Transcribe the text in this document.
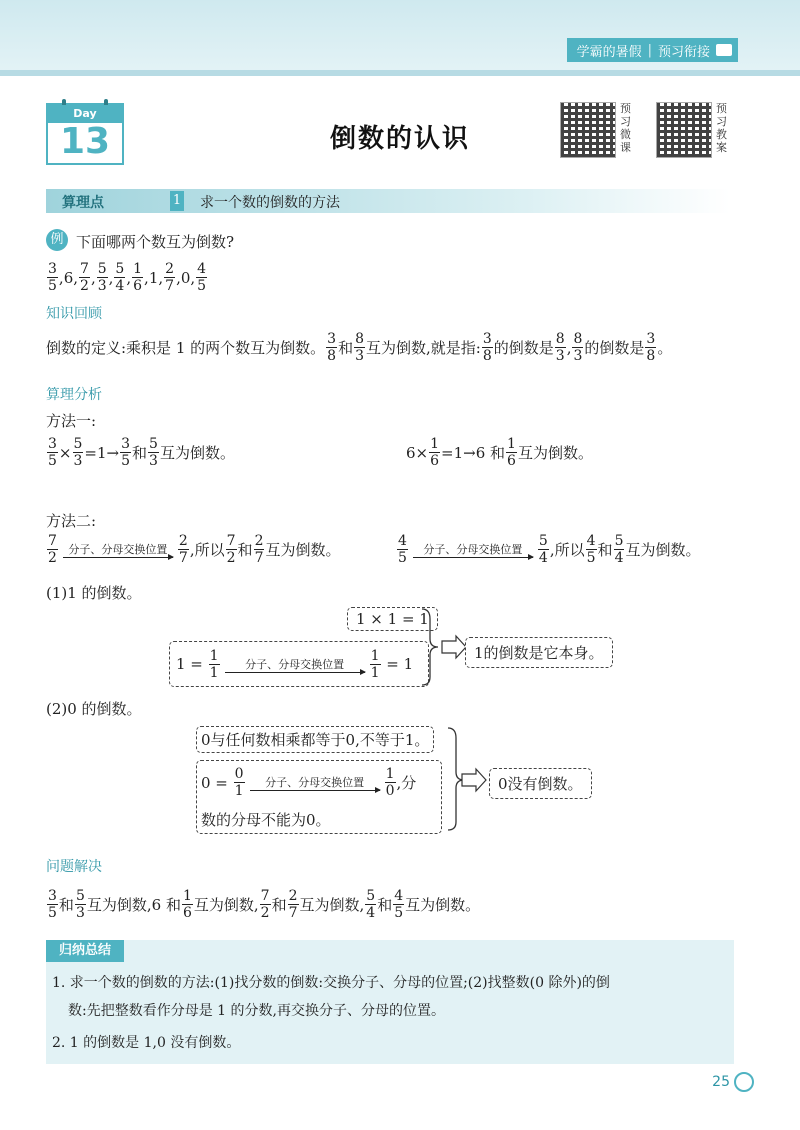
学霸的暑假 | 预习衔接
Day
13	倒数的认识
预习微课
预习教案
算理点	1 求一个数的倒数的方法
例 下面哪两个数互为倒数?
$\frac{3}{5} ,6$, $\frac{7}{2}$ , $\frac{5}{3}$ , $\frac{5}{4}$ , $\frac{1}{6} ,1$, $\frac{2}{7} ,0$, $\frac{4}{5}$
知识回顾
倒数的定义:乘积是 1 的两个数互为倒数。 $\frac{3}{8}$ 和 $\frac{8}{3}$ 互为倒数,就是指: $\frac{3}{8}$ 的倒数是 $\frac{8}{3}$ , $\frac{8}{3}$ 的倒数是 $\frac{3}{8}$ 。
算理分析
方法一:
$\frac{3}{5} \times \frac{5}{3} =1\to \frac{3}{5}$ 和 $\frac{5}{3}$ 互为倒数。	$6\times \frac{1}{6} =1\to 6$ 和 $\frac{1}{6}$ 互为倒数。
方法二:
$\frac{7}{2}$ 分子、分母交换位置 $\frac{2}{7}$ ,所以 $\frac{7}{2}$ 和 $\frac{2}{7}$ 互为倒数。	$\frac{4}{5}$ 分子、分母交换位置 $\frac{5}{4}$ ,所以 $\frac{4}{5}$ 和 $\frac{5}{4}$ 互为倒数。
(1)1 的倒数。
1 × 1 = 1
$1 = \frac{1}{1}$ 分子、分母交换位置 $\frac{1}{1} = 1$
1的倒数是它本身。
(2)0 的倒数。
0与任何数相乘都等于0,不等于1。
$0 = \frac{0}{1}$ 分子、分母交换位置 $\frac{1}{0}$ ,分
数的分母不能为0。
0没有倒数。
问题解决
$\frac{3}{5}$ 和 $\frac{5}{3}$ 互为倒数,6 和 $\frac{1}{6}$ 互为倒数, $\frac{7}{2}$ 和 $\frac{2}{7}$ 互为倒数, $\frac{5}{4}$ 和 $\frac{4}{5}$ 互为倒数。
归纳总结
1. 求一个数的倒数的方法:(1)找分数的倒数:交换分子、分母的位置;(2)找整数(0 除外)的倒
数:先把整数看作分母是 1 的分数,再交换分子、分母的位置。
2. 1 的倒数是 1,0 没有倒数。
25
